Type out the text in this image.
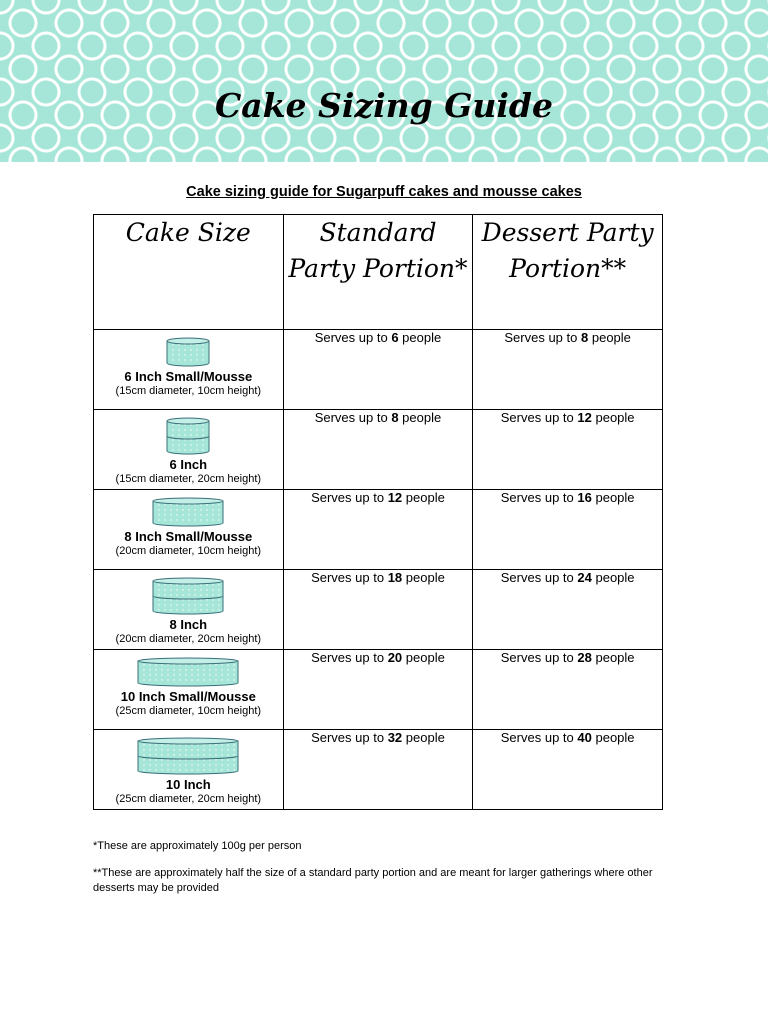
Cake Sizing Guide
Cake sizing guide for Sugarpuff cakes and mousse cakes
Cake Size	Standard Party Portion*	Dessert Party Portion**

6 Inch Small/Mousse
(15cm diameter, 10cm height)	Serves up to 6 people	Serves up to 8 people

6 Inch
(15cm diameter, 20cm height)	Serves up to 8 people	Serves up to 12 people

8 Inch Small/Mousse
(20cm diameter, 10cm height)	Serves up to 12 people	Serves up to 16 people

8 Inch
(20cm diameter, 20cm height)	Serves up to 18 people	Serves up to 24 people

10 Inch Small/Mousse
(25cm diameter, 10cm height)	Serves up to 20 people	Serves up to 28 people

10 Inch
(25cm diameter, 20cm height)	Serves up to 32 people	Serves up to 40 people
*These are approximately 100g per person
**These are approximately half the size of a standard party portion and are meant for larger gatherings where other desserts may be provided
